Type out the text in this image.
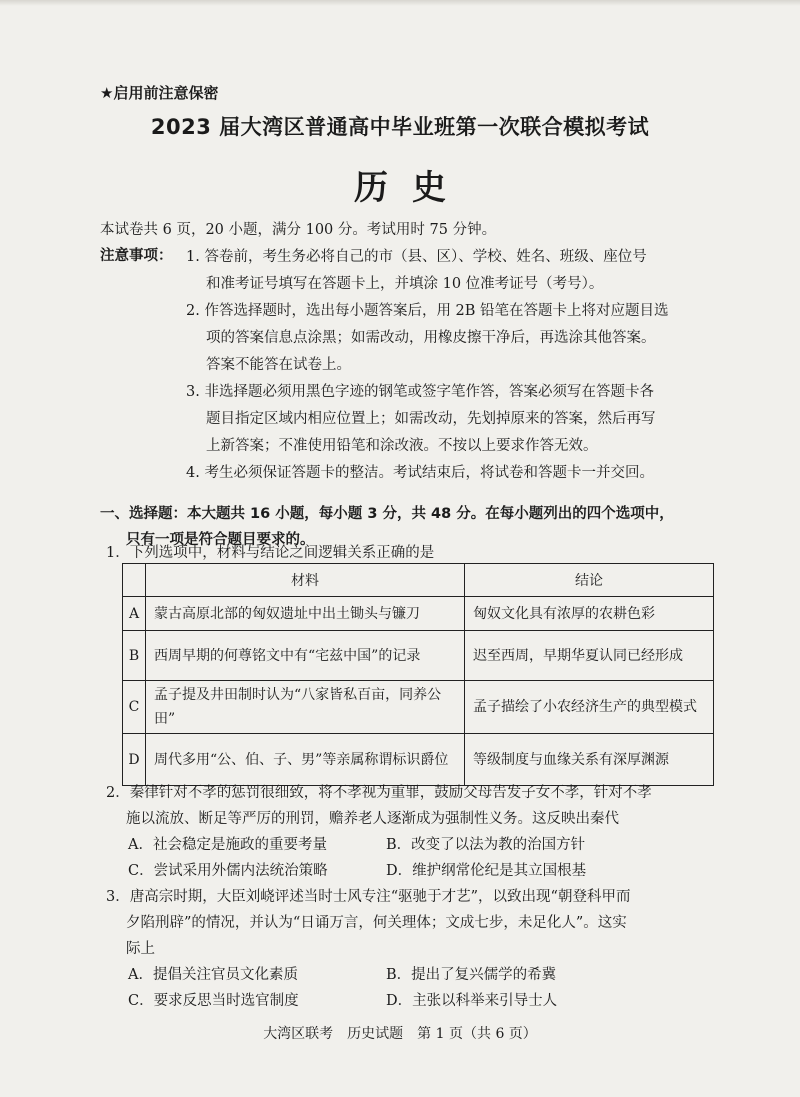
★启用前注意保密
2023 届大湾区普通高中毕业班第一次联合模拟考试
历史
本试卷共 6 页，20 小题，满分 100 分。考试用时 75 分钟。
注意事项： 1. 答卷前，考生务必将自己的市（县、区）、学校、姓名、班级、座位号
和准考证号填写在答题卡上，并填涂 10 位准考证号（考号）。
2. 作答选择题时，选出每小题答案后，用 2B 铅笔在答题卡上将对应题目选
项的答案信息点涂黑；如需改动，用橡皮擦干净后，再选涂其他答案。
答案不能答在试卷上。
3. 非选择题必须用黑色字迹的钢笔或签字笔作答，答案必须写在答题卡各
题目指定区域内相应位置上；如需改动，先划掉原来的答案，然后再写
上新答案；不准使用铅笔和涂改液。不按以上要求作答无效。
4. 考生必须保证答题卡的整洁。考试结束后，将试卷和答题卡一并交回。
一、选择题：本大题共 16 小题，每小题 3 分，共 48 分。在每小题列出的四个选项中，
只有一项是符合题目要求的。
1．下列选项中，材料与结论之间逻辑关系正确的是
	材料	结论
A	蒙古高原北部的匈奴遗址中出土锄头与镰刀	匈奴文化具有浓厚的农耕色彩
B	西周早期的何尊铭文中有“宅兹中国”的记录	迟至西周，早期华夏认同已经形成
C	孟子提及井田制时认为“八家皆私百亩，同养公田”	孟子描绘了小农经济生产的典型模式
D	周代多用“公、伯、子、男”等亲属称谓标识爵位	等级制度与血缘关系有深厚渊源
2．秦律针对不孝的惩罚很细致，将不孝视为重罪，鼓励父母告发子女不孝，针对不孝
施以流放、断足等严厉的刑罚，赡养老人逐渐成为强制性义务。这反映出秦代
A．社会稳定是施政的重要考量	B．改变了以法为教的治国方针
C．尝试采用外儒内法统治策略	D．维护纲常伦纪是其立国根基
3．唐高宗时期，大臣刘峣评述当时士风专注“驱驰于才艺”，以致出现“朝登科甲而
夕陷刑辟”的情况，并认为“日诵万言，何关理体；文成七步，未足化人”。这实
际上
A．提倡关注官员文化素质	B．提出了复兴儒学的希冀
C．要求反思当时选官制度	D．主张以科举来引导士人
大湾区联考　历史试题　第 1 页（共 6 页）
